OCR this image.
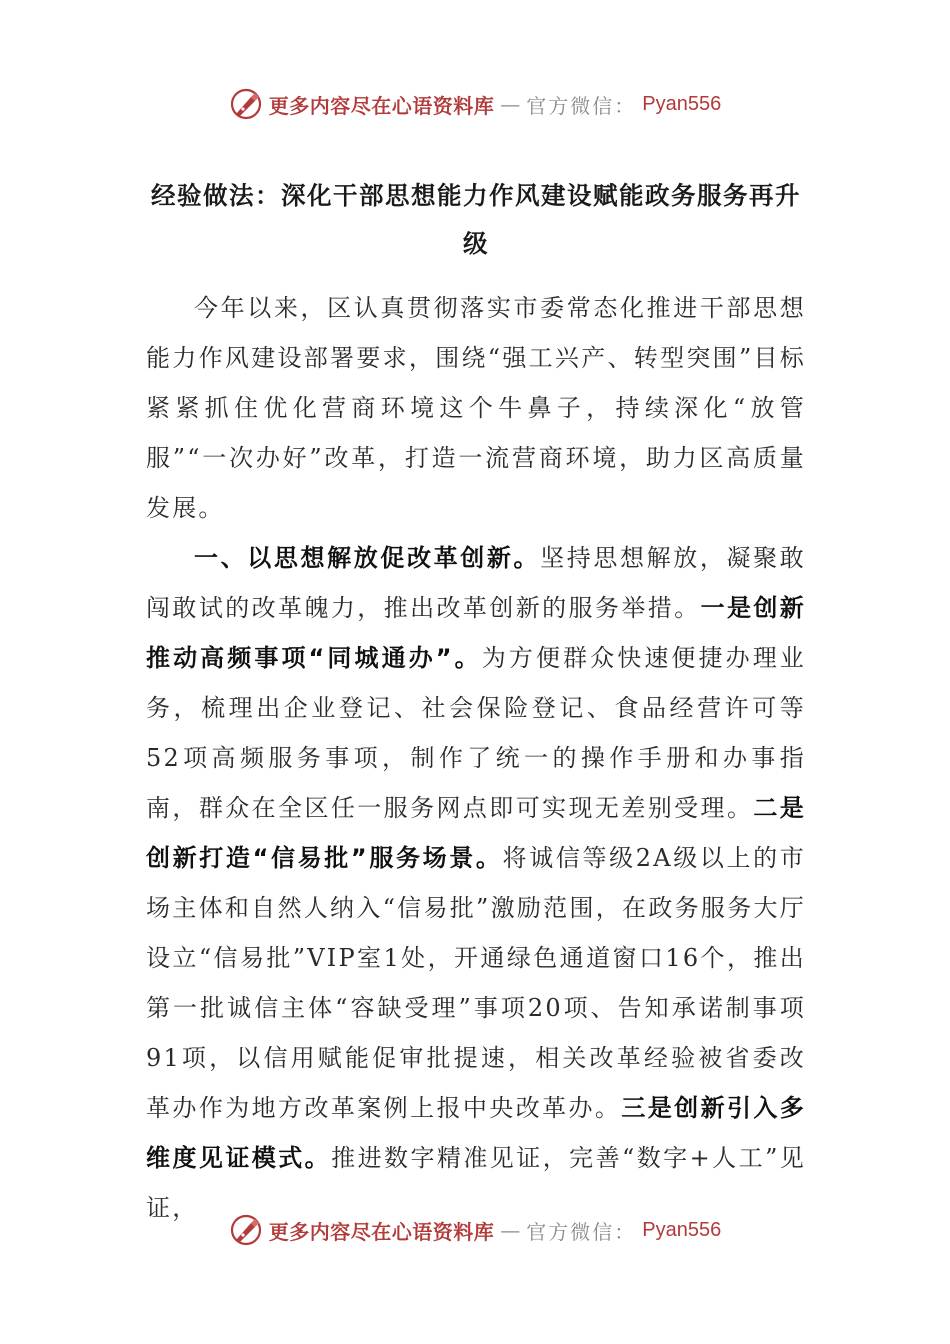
更多内容尽在心语资料库 — 官方微信： Pyan556
经验做法：深化干部思想能力作风建设赋能政务服务再升级

今年以来，区认真贯彻落实市委常态化推进干部思想能力作风建设部署要求，围绕“强工兴产、转型突围”目标紧紧抓住优化营商环境这个牛鼻子，持续深化“放管服”“一次办好”改革，打造一流营商环境，助力区高质量发展。

一、以思想解放促改革创新。坚持思想解放，凝聚敢闯敢试的改革魄力，推出改革创新的服务举措。一是创新推动高频事项“同城通办”。为方便群众快速便捷办理业务，梳理出企业登记、社会保险登记、食品经营许可等52项高频服务事项，制作了统一的操作手册和办事指南，群众在全区任一服务网点即可实现无差别受理。二是创新打造“信易批”服务场景。将诚信等级2A级以上的市场主体和自然人纳入“信易批”激励范围，在政务服务大厅设立“信易批”VIP室1处，开通绿色通道窗口16个，推出第一批诚信主体“容缺受理”事项20项、告知承诺制事项91项，以信用赋能促审批提速，相关改革经验被省委改革办作为地方改革案例上报中央改革办。三是创新引入多维度见证模式。推进数字精准见证，完善“数字+人工”见证，

更多内容尽在心语资料库 — 官方微信： Pyan556
